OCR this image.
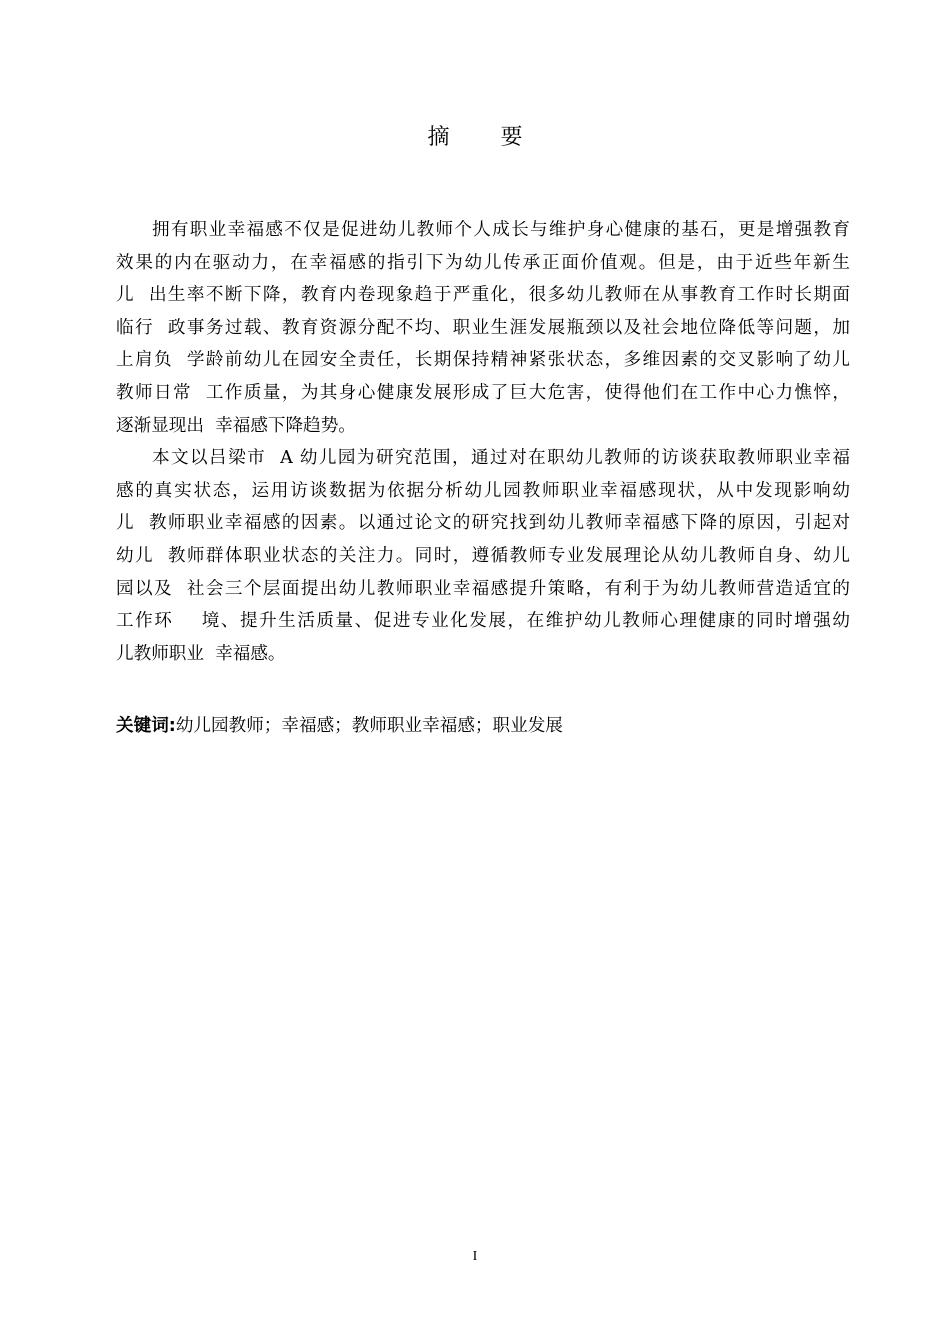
摘 要
拥有职业幸福感不仅是促进幼儿教师个人成长与维护身心健康的基石，更是增强教育
效果的内在驱动力，在幸福感的指引下为幼儿传承正面价值观。但是，由于近些年新生
儿  出生率不断下降，教育内卷现象趋于严重化，很多幼儿教师在从事教育工作时长期面
临行  政事务过载、教育资源分配不均、职业生涯发展瓶颈以及社会地位降低等问题，加
上肩负  学龄前幼儿在园安全责任，长期保持精神紧张状态，多维因素的交叉影响了幼儿
教师日常  工作质量，为其身心健康发展形成了巨大危害，使得他们在工作中心力憔悴，
逐渐显现出  幸福感下降趋势。
本文以吕梁市  A 幼儿园为研究范围，通过对在职幼儿教师的访谈获取教师职业幸福
感的真实状态，运用访谈数据为依据分析幼儿园教师职业幸福感现状，从中发现影响幼
儿  教师职业幸福感的因素。以通过论文的研究找到幼儿教师幸福感下降的原因，引起对
幼儿  教师群体职业状态的关注力。同时，遵循教师专业发展理论从幼儿教师自身、幼儿
园以及  社会三个层面提出幼儿教师职业幸福感提升策略，有利于为幼儿教师营造适宜的
工作环    境、提升生活质量、促进专业化发展，在维护幼儿教师心理健康的同时增强幼
儿教师职业  幸福感。
关键词:幼儿园教师；幸福感；教师职业幸福感；职业发展
I
